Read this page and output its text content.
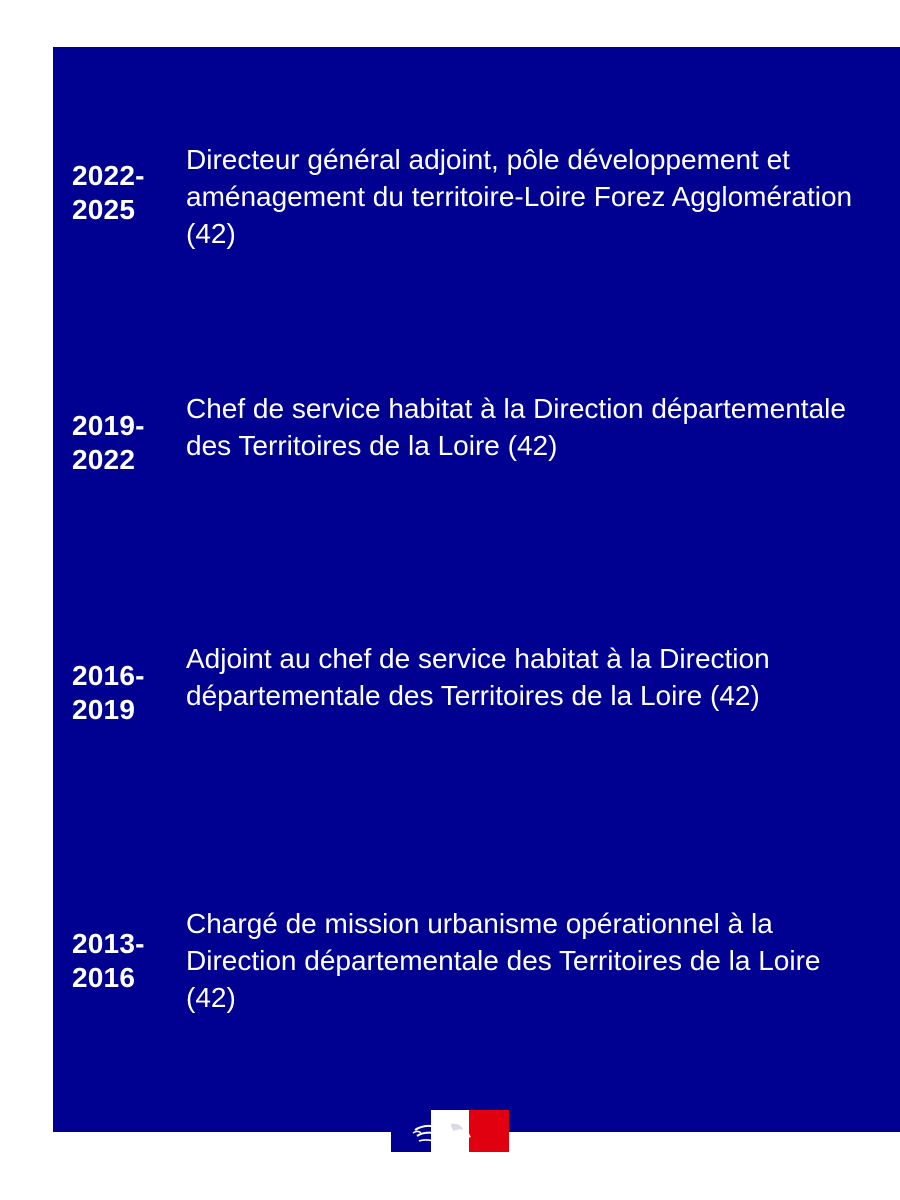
2022-
2025
Directeur général adjoint, pôle développement et aménagement du territoire-Loire Forez Agglomération (42)
2019-
2022
Chef de service habitat à la Direction départementale des Territoires de la Loire (42)
2016-
2019
Adjoint au chef de service habitat à la Direction départementale des Territoires de la Loire (42)
2013-
2016
Chargé de mission urbanisme opérationnel à la Direction départementale des Territoires de la Loire (42)
